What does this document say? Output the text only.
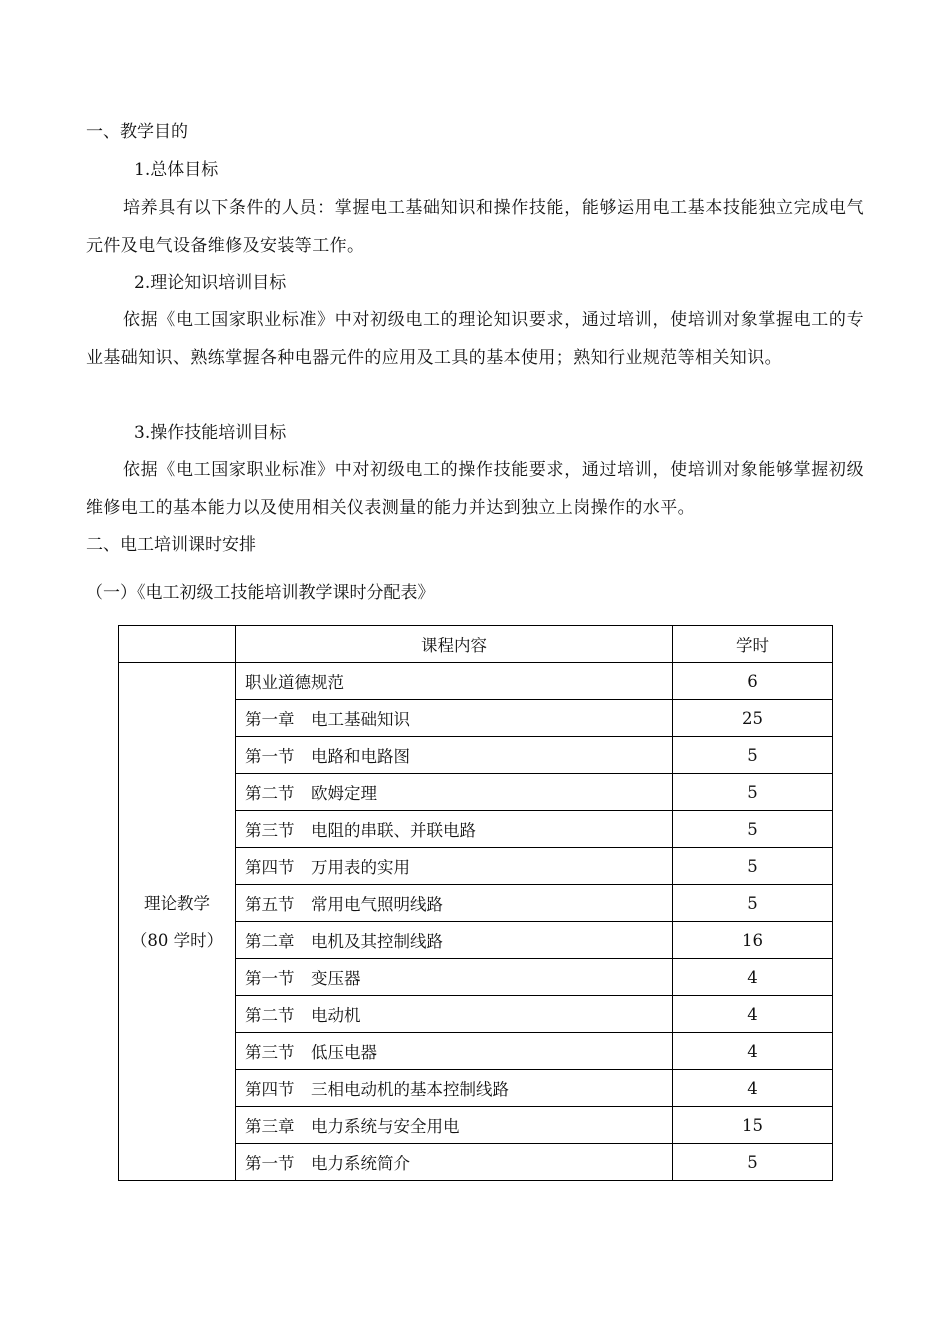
一、教学目的
1.总体目标
培养具有以下条件的人员：掌握电工基础知识和操作技能，能够运用电工基本技能独立完成电气元件及电气设备维修及安装等工作。
2.理论知识培训目标
依据《电工国家职业标准》中对初级电工的理论知识要求，通过培训，使培训对象掌握电工的专业基础知识、熟练掌握各种电器元件的应用及工具的基本使用；熟知行业规范等相关知识。
3.操作技能培训目标
依据《电工国家职业标准》中对初级电工的操作技能要求，通过培训，使培训对象能够掌握初级维修电工的基本能力以及使用相关仪表测量的能力并达到独立上岗操作的水平。
二、电工培训课时安排
（一）《电工初级工技能培训教学课时分配表》
	课程内容	学时

理论教学
（80 学时）	职业道德规范	6
	第一章　电工基础知识	25
	第一节　电路和电路图	5
	第二节　欧姆定理	5
	第三节　电阻的串联、并联电路	5
	第四节　万用表的实用	5
	第五节　常用电气照明线路	5
	第二章　电机及其控制线路	16
	第一节　变压器	4
	第二节　电动机	4
	第三节　低压电器	4
	第四节　三相电动机的基本控制线路	4
	第三章　电力系统与安全用电	15
	第一节　电力系统简介	5
